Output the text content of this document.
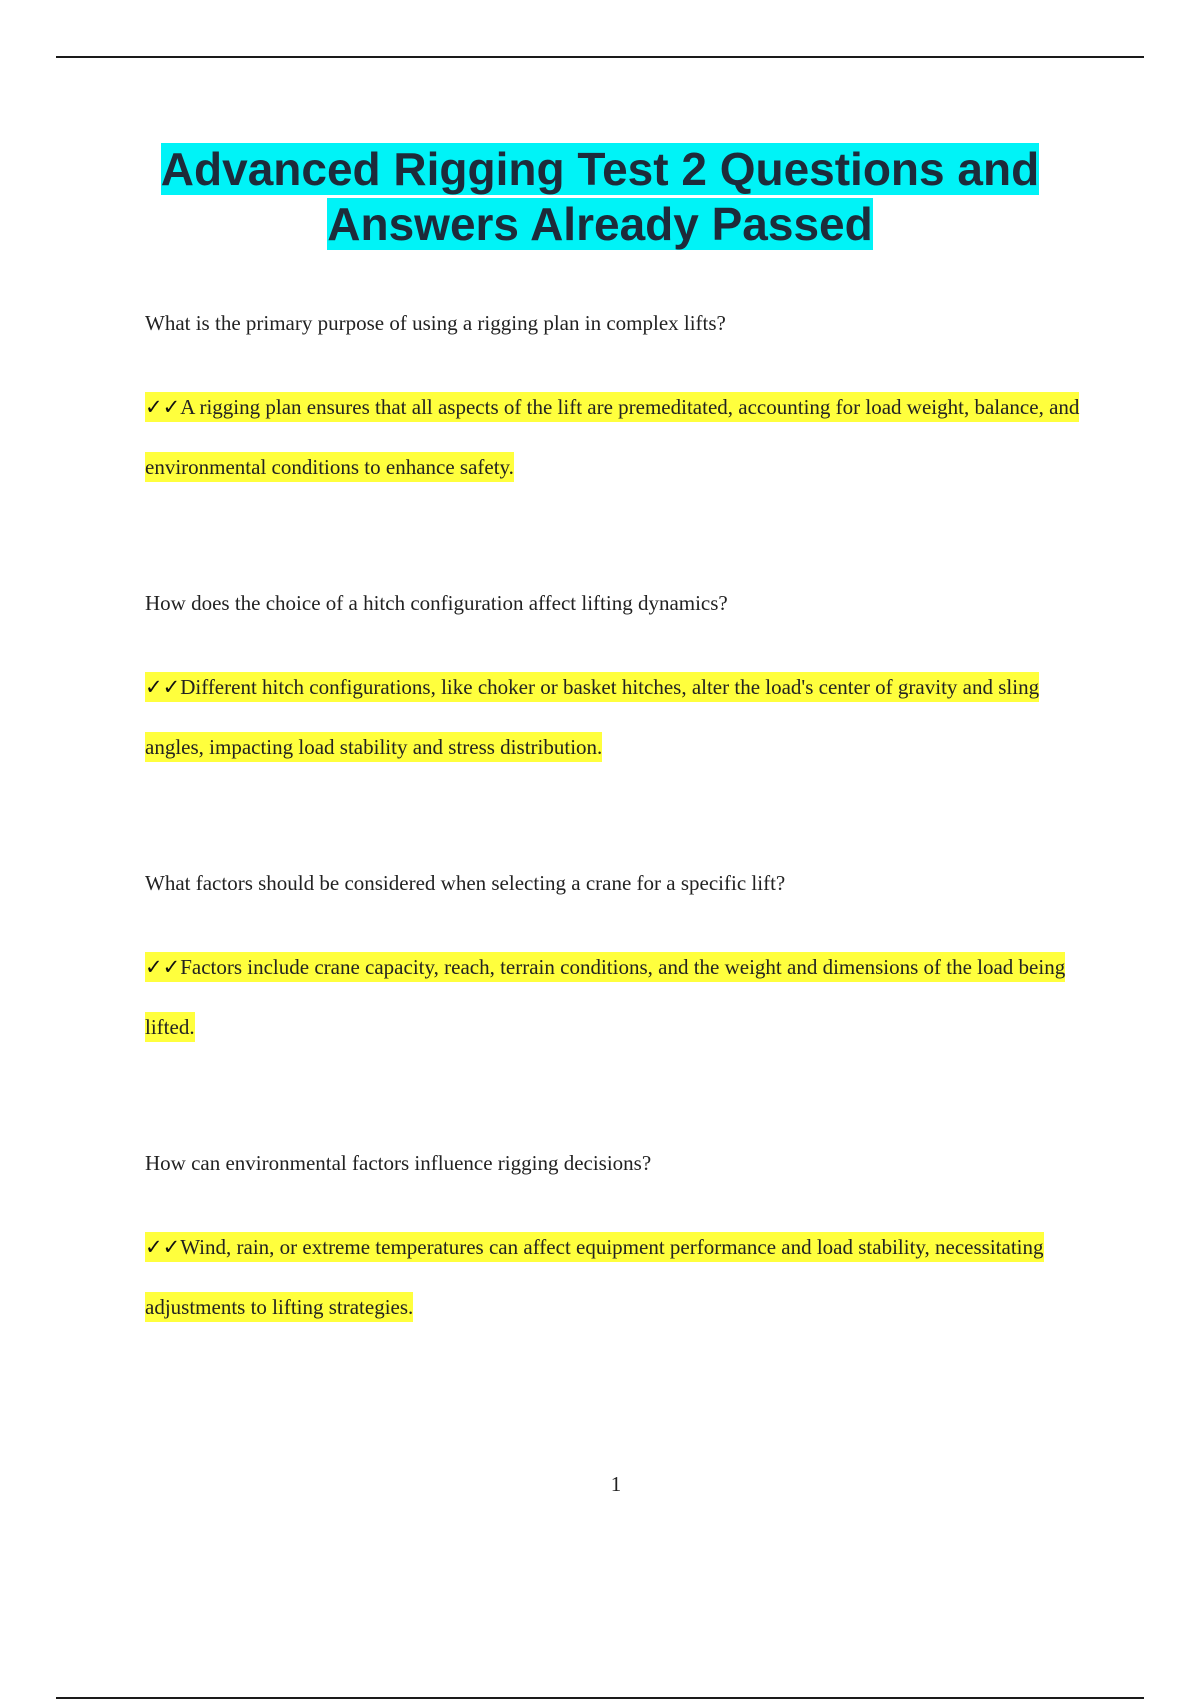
Advanced Rigging Test 2 Questions and Answers Already Passed

What is the primary purpose of using a rigging plan in complex lifts?

✓✓A rigging plan ensures that all aspects of the lift are premeditated, accounting for load weight, balance, and environmental conditions to enhance safety.

How does the choice of a hitch configuration affect lifting dynamics?

✓✓Different hitch configurations, like choker or basket hitches, alter the load's center of gravity and sling angles, impacting load stability and stress distribution.

What factors should be considered when selecting a crane for a specific lift?

✓✓Factors include crane capacity, reach, terrain conditions, and the weight and dimensions of the load being lifted.

How can environmental factors influence rigging decisions?

✓✓Wind, rain, or extreme temperatures can affect equipment performance and load stability, necessitating adjustments to lifting strategies.

1
